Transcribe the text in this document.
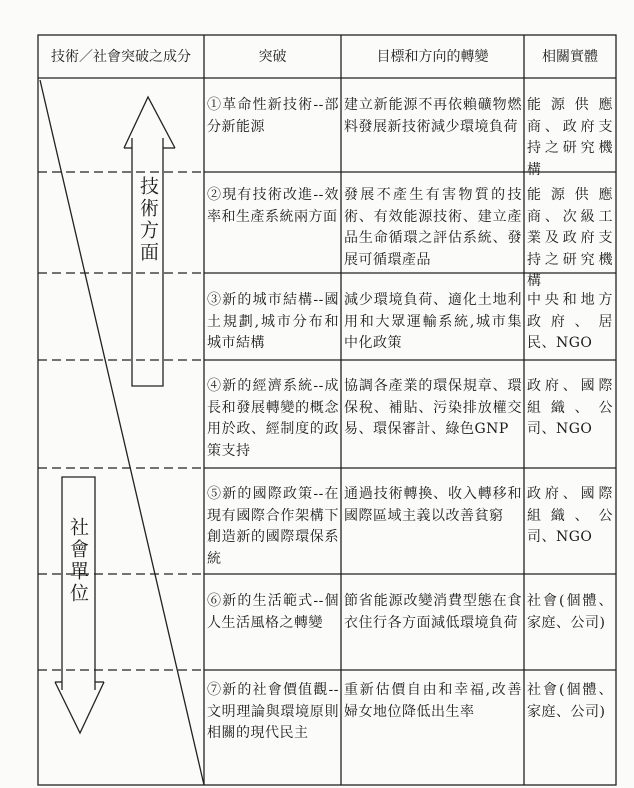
技術／社會突破之成分	突破	目標和方向的轉變	相關實體
技術方面
社會單位
①革命性新技術--部分新能源
建立新能源不再依賴礦物燃料發展新技術減少環境負荷
能源供應商、政府支持之研究機構
②現有技術改進--效率和生產系統兩方面
發展不產生有害物質的技術、有效能源技術、建立產品生命循環之評估系統、發展可循環產品
能源供應商、次級工業及政府支持之研究機構
③新的城市結構--國土規劃,城市分布和城市結構
減少環境負荷、適化土地利用和大眾運輸系統,城市集中化政策
中央和地方政府、居民、NGO
④新的經濟系統--成長和發展轉變的概念用於政、經制度的政策支持
協調各產業的環保規章、環保稅、補貼、污染排放權交易、環保審計、綠色GNP
政府、國際組織、公司、NGO
⑤新的國際政策--在現有國際合作架構下創造新的國際環保系統
通過技術轉換、收入轉移和國際區域主義以改善貧窮
政府、國際組織、公司、NGO
⑥新的生活範式--個人生活風格之轉變
節省能源改變消費型態在食衣住行各方面減低環境負荷
社會(個體、家庭、公司)
⑦新的社會價值觀--文明理論與環境原則相關的現代民主
重新估價自由和幸福,改善婦女地位降低出生率
社會(個體、家庭、公司)
